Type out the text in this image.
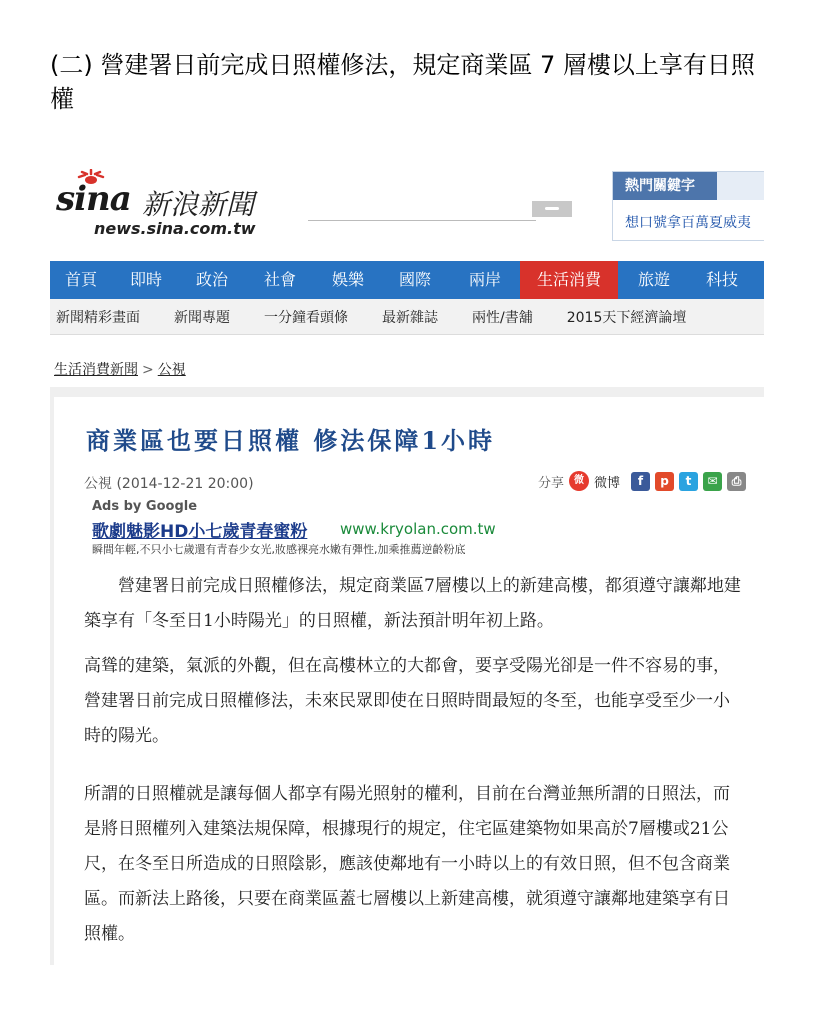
(二) 營建署日前完成日照權修法，規定商業區 7 層樓以上享有日照權
sina 新浪新聞
news.sina.com.tw
熱門關鍵字
想口號拿百萬夏威夷
首頁	即時	政治	社會	娛樂	國際	兩岸	生活消費	旅遊	科技
新聞精彩畫面 新聞專題 一分鐘看頭條 最新雜誌 兩性/書舖 2015天下經濟論壇
生活消費新聞 > 公視
商業區也要日照權 修法保障1小時
公視 (2014-12-21 20:00)	分享	微 微博	f	p	t	✉	⎙
Ads by Google
歌劇魅影HD小七歲青春蜜粉 www.kryolan.com.tw
瞬間年輕,不只小七歲還有青春少女光,妝感裸亮水嫩有彈性,加乘推薦逆齡粉底

營建署日前完成日照權修法，規定商業區7層樓以上的新建高樓，都須遵守讓鄰地建築享有「冬至日1小時陽光」的日照權，新法預計明年初上路。

高聳的建築，氣派的外觀，但在高樓林立的大都會，要享受陽光卻是一件不容易的事，營建署日前完成日照權修法，未來民眾即使在日照時間最短的冬至，也能享受至少一小時的陽光。

所謂的日照權就是讓每個人都享有陽光照射的權利，目前在台灣並無所謂的日照法，而是將日照權列入建築法規保障，根據現行的規定，住宅區建築物如果高於7層樓或21公尺，在冬至日所造成的日照陰影，應該使鄰地有一小時以上的有效日照，但不包含商業區。而新法上路後，只要在商業區蓋七層樓以上新建高樓，就須遵守讓鄰地建築享有日照權。
